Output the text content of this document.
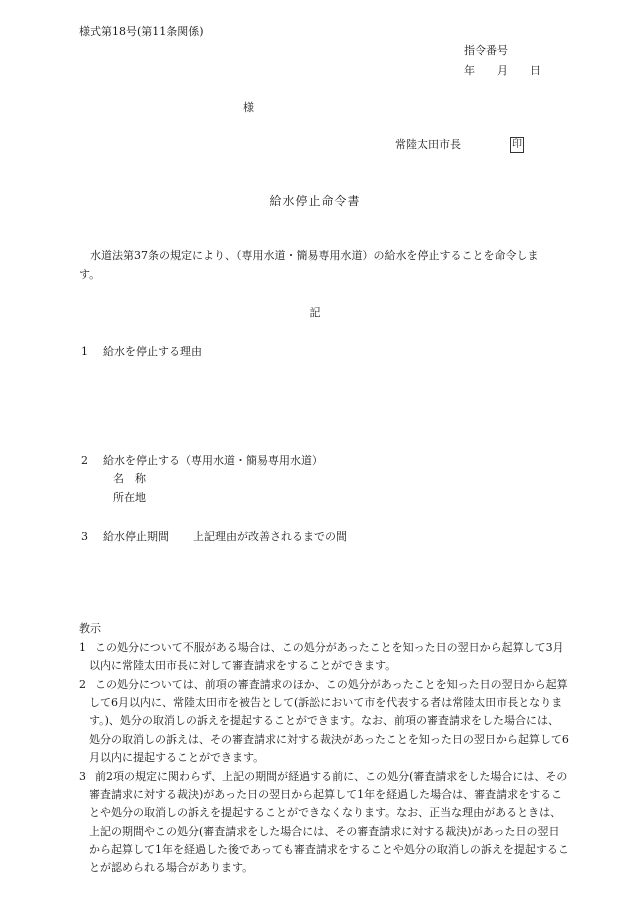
様式第18号(第11条関係)
指令番号
年 月 日
様
常陸太田市長	印
給水停止命令書
水道法第37条の規定により、（専用水道・簡易専用水道）の給水を停止することを命令します。
記
1 給水を停止する理由
2 給水を停止する（専用水道・簡易専用水道）
名　称
所在地
3 給水停止期間 上記理由が改善されるまでの間
教示
1 この処分について不服がある場合は、この処分があったことを知った日の翌日から起算して3月以内に常陸太田市長に対して審査請求をすることができます。
2 この処分については、前項の審査請求のほか、この処分があったことを知った日の翌日から起算して6月以内に、常陸太田市を被告として(訴訟において市を代表する者は常陸太田市長となります。)、処分の取消しの訴えを提起することができます。なお、前項の審査請求をした場合には、処分の取消しの訴えは、その審査請求に対する裁決があったことを知った日の翌日から起算して6月以内に提起することができます。
3 前2項の規定に関わらず、上記の期間が経過する前に、この処分(審査請求をした場合には、その審査請求に対する裁決)があった日の翌日から起算して1年を経過した場合は、審査請求をすることや処分の取消しの訴えを提起することができなくなります。なお、正当な理由があるときは、上記の期間やこの処分(審査請求をした場合には、その審査請求に対する裁決)があった日の翌日から起算して1年を経過した後であっても審査請求をすることや処分の取消しの訴えを提起することが認められる場合があります。
